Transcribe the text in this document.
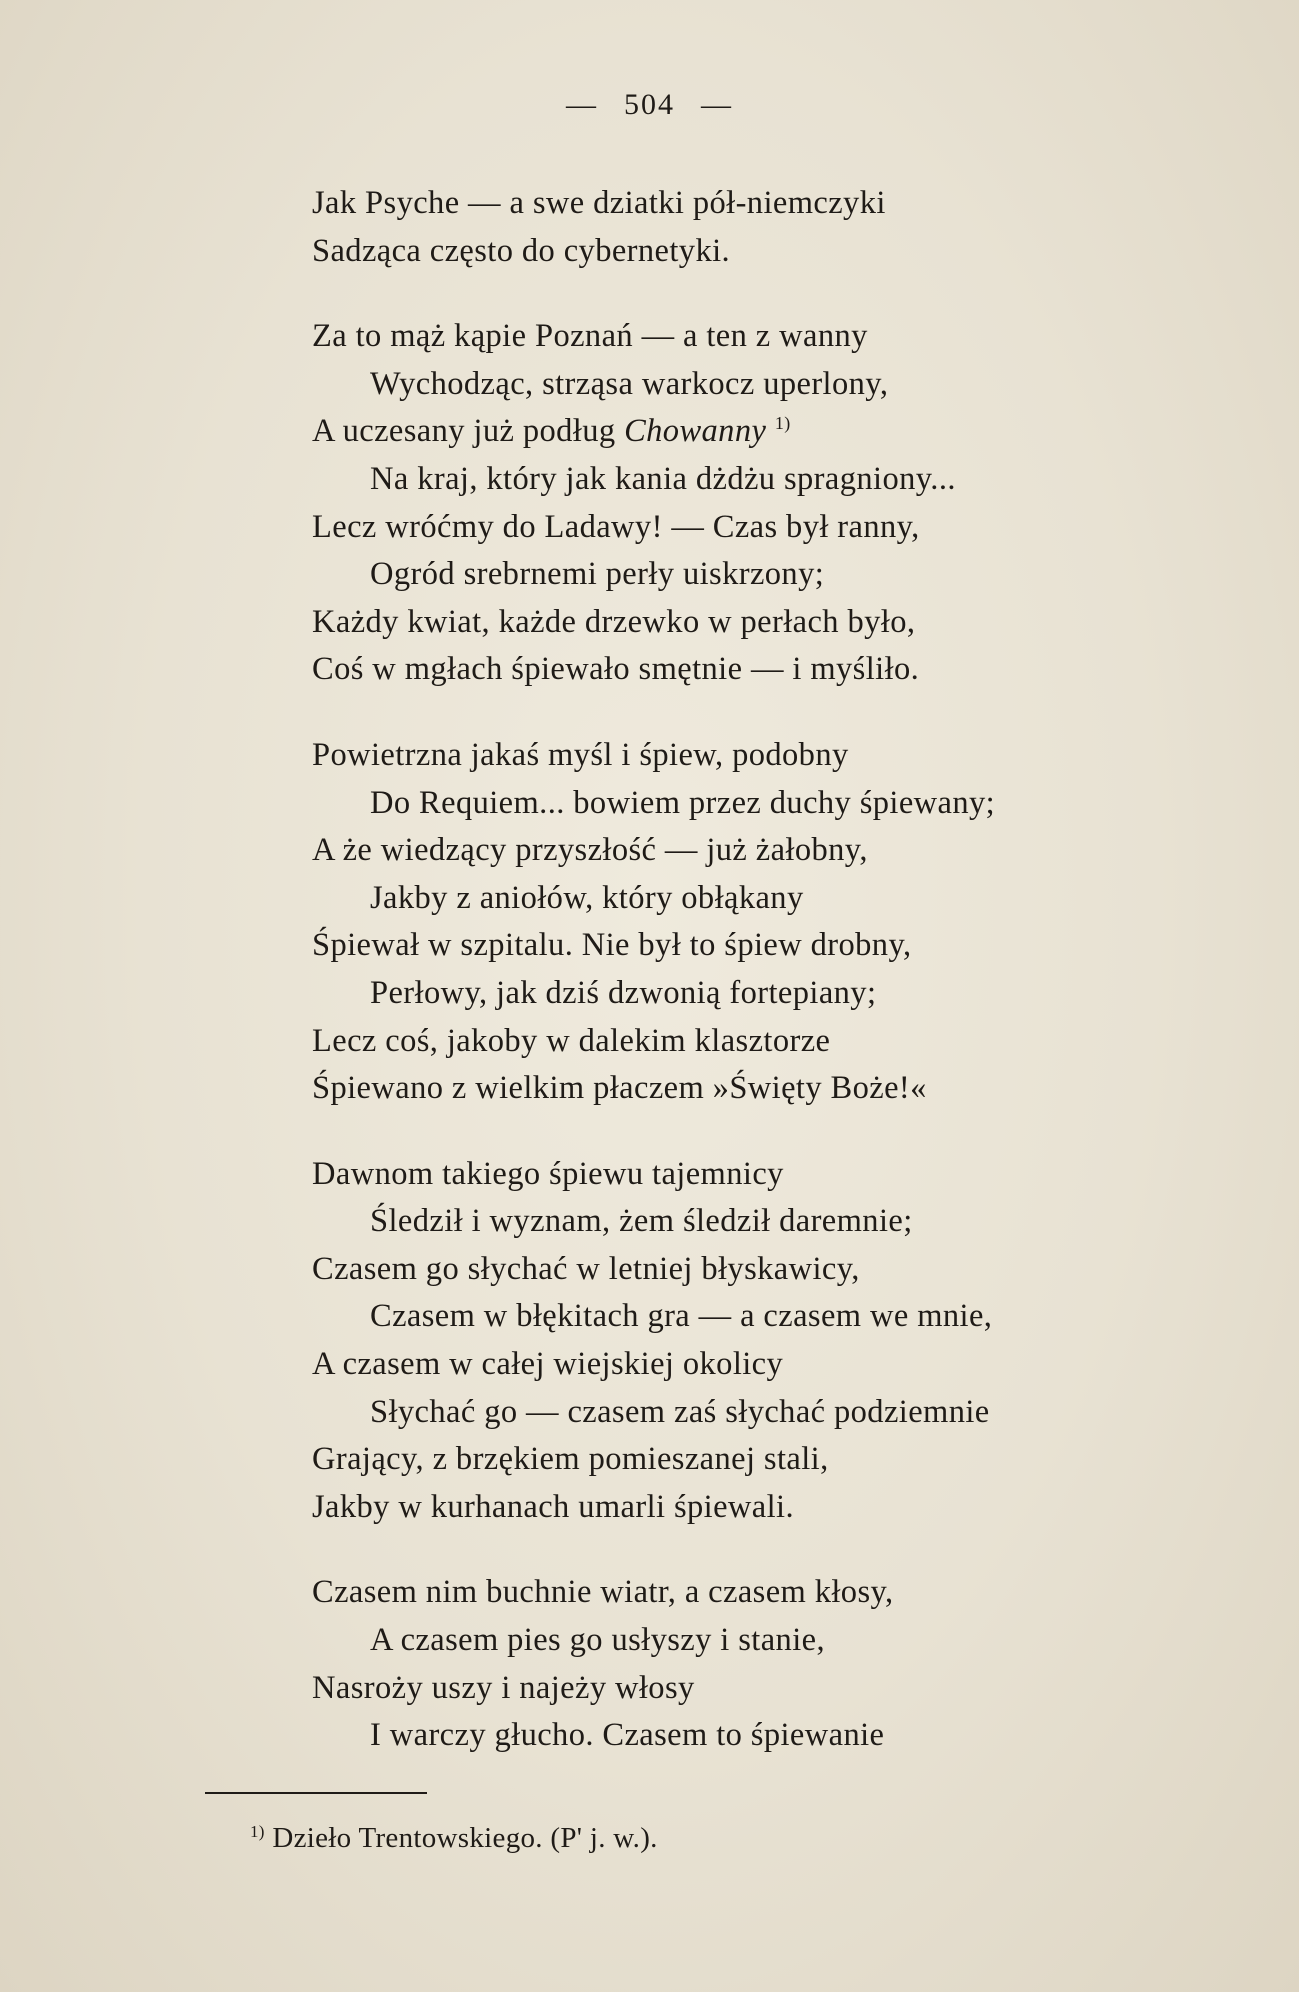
— 504 —
Jak Psyche — a swe dziatki pół-niemczyki
Sadząca często do cybernetyki.
Za to mąż kąpie Poznań — a ten z wanny
Wychodząc, strząsa warkocz uperlony,
A uczesany już podług Chowanny $^{1)}$
Na kraj, który jak kania dżdżu spragniony...
Lecz wróćmy do Ladawy! — Czas był ranny,
Ogród srebrnemi perły uiskrzony;
Każdy kwiat, każde drzewko w perłach było,
Coś w mgłach śpiewało smętnie — i myśliło.
Powietrzna jakaś myśl i śpiew, podobny
Do Requiem... bowiem przez duchy śpiewany;
A że wiedzący przyszłość — już żałobny,
Jakby z aniołów, który obłąkany
Śpiewał w szpitalu. Nie był to śpiew drobny,
Perłowy, jak dziś dzwonią fortepiany;
Lecz coś, jakoby w dalekim klasztorze
Śpiewano z wielkim płaczem »Święty Boże!«
Dawnom takiego śpiewu tajemnicy
Śledził i wyznam, żem śledził daremnie;
Czasem go słychać w letniej błyskawicy,
Czasem w błękitach gra — a czasem we mnie,
A czasem w całej wiejskiej okolicy
Słychać go — czasem zaś słychać podziemnie
Grający, z brzękiem pomieszanej stali,
Jakby w kurhanach umarli śpiewali.
Czasem nim buchnie wiatr, a czasem kłosy,
A czasem pies go usłyszy i stanie,
Nasroży uszy i najeży włosy
I warczy głucho. Czasem to śpiewanie
$^{1)}$ Dzieło Trentowskiego. (P' j. w.).
